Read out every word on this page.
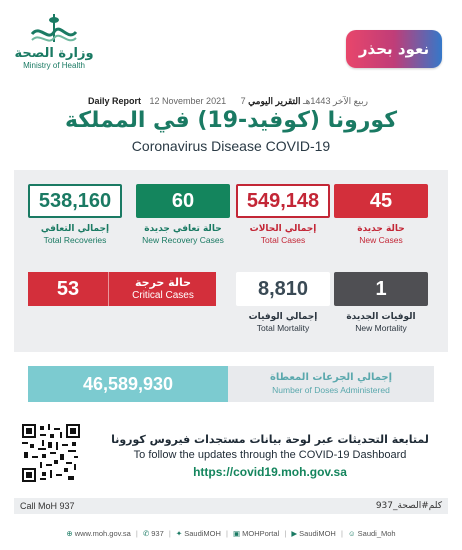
وزارة الصحة
Ministry of Health
نعود بحذر
Daily Report 12 November 2021 7 ربيع الآخر 1443هـ التقرير اليومي
كورونا (كوفيد-19) في المملكة
Coronavirus Disease COVID-19
538,160
إجمالي التعافي
Total Recoveries
60
حالة تعافي جديدة
New Recovery Cases
549,148
إجمالي الحالات
Total Cases
45
حالة جديدة
New Cases
53	حالة حرجة
Critical Cases	8,810
إجمالي الوفيات
Total Mortality
1
الوفيات الجديدة
New Mortality
46,589,930	إجمالي الجرعات المعطاة
Number of Doses Administered
لمتابعة التحديثات عبر لوحة بيانات مستجدات فيروس كورونا
To follow the updates through the COVID-19 Dashboard
https://covid19.moh.gov.sa
Call MoH 937	كلم#الصحة_937
⊕ www.moh.gov.sa | ✆ 937 | ✦ SaudiMOH | ▣ MOHPortal | ▶ SaudiMOH | ☺ Saudi_Moh
